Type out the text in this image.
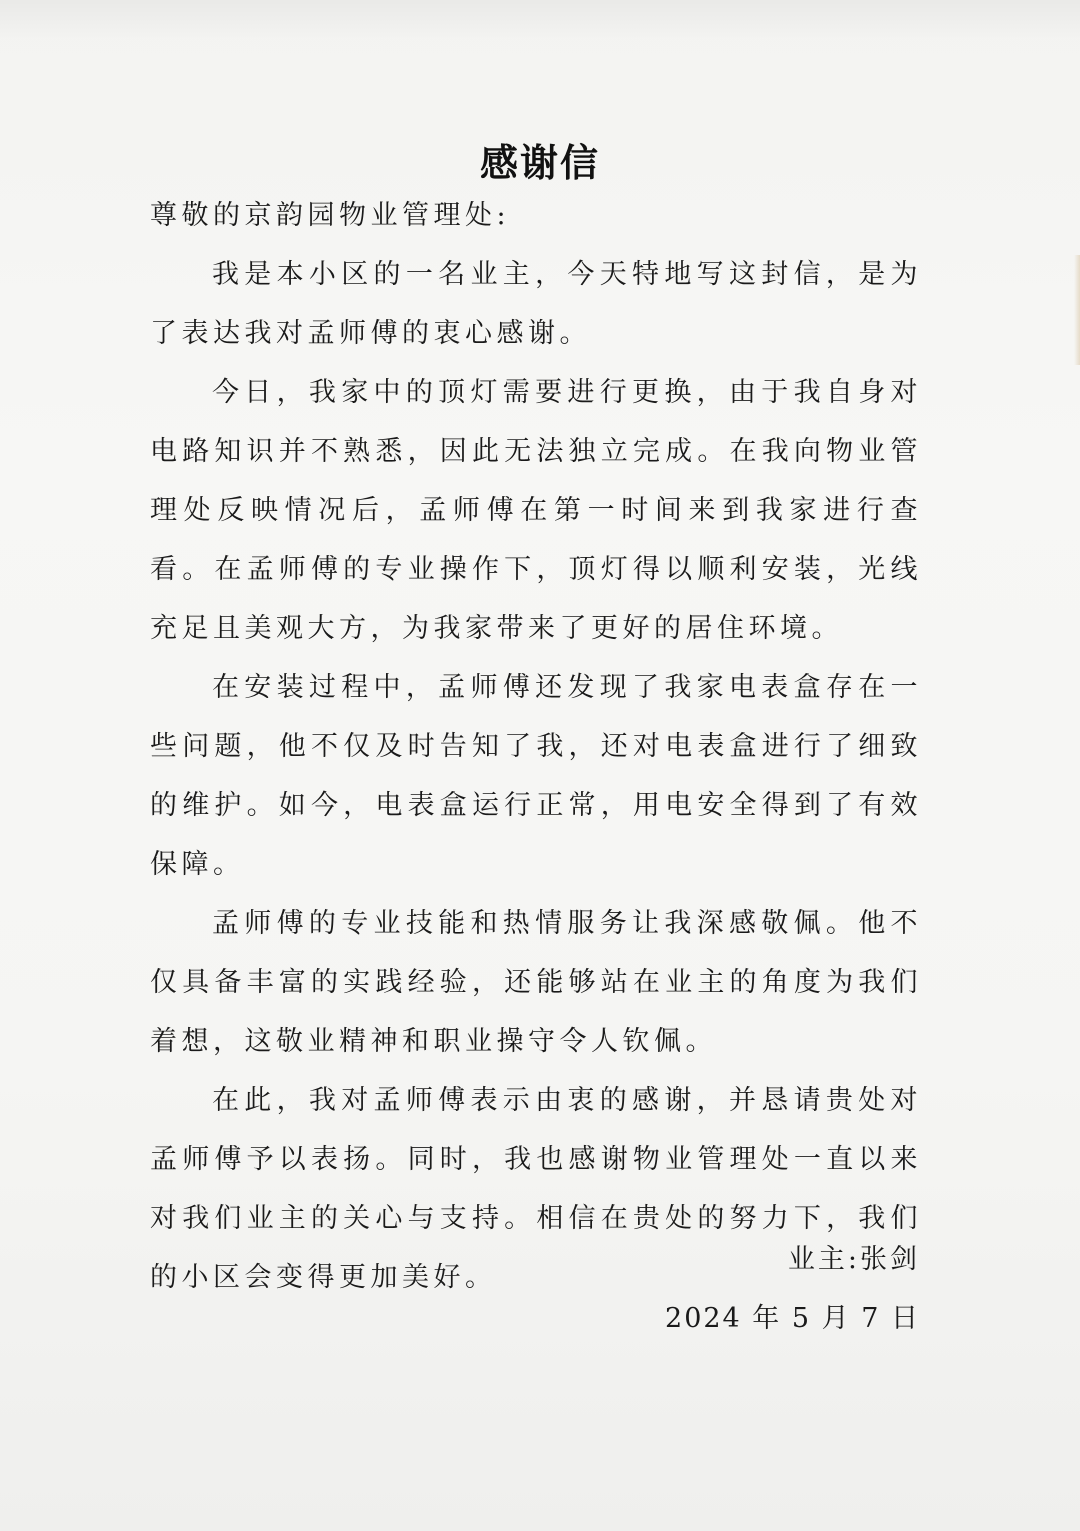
感谢信

尊敬的京韵园物业管理处:

我是本小区的一名业主，今天特地写这封信，是为了表达我对孟师傅的衷心感谢。

今日，我家中的顶灯需要进行更换，由于我自身对电路知识并不熟悉，因此无法独立完成。在我向物业管理处反映情况后，孟师傅在第一时间来到我家进行查看。在孟师傅的专业操作下，顶灯得以顺利安装，光线充足且美观大方，为我家带来了更好的居住环境。

在安装过程中，孟师傅还发现了我家电表盒存在一些问题，他不仅及时告知了我，还对电表盒进行了细致的维护。如今，电表盒运行正常，用电安全得到了有效保障。

孟师傅的专业技能和热情服务让我深感敬佩。他不仅具备丰富的实践经验，还能够站在业主的角度为我们着想，这敬业精神和职业操守令人钦佩。

在此，我对孟师傅表示由衷的感谢，并恳请贵处对孟师傅予以表扬。同时，我也感谢物业管理处一直以来对我们业主的关心与支持。相信在贵处的努力下，我们的小区会变得更加美好。

业主:张剑
2024 年 5 月 7 日
